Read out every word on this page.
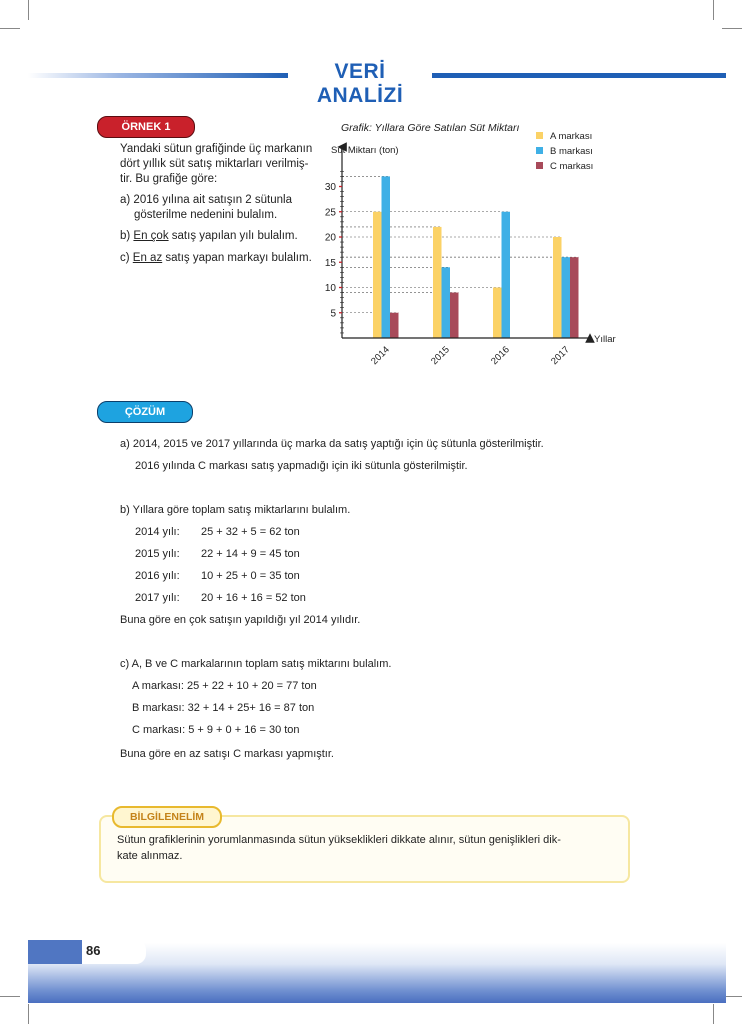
VERİ ANALİZİ
ÖRNEK 1
Yandaki sütun grafiğinde üç markanın
dört yıllık süt satış miktarları verilmiş-
tir. Bu grafiğe göre:
a) 2016 yılına ait satışın 2 sütunla
gösterilme nedenini bulalım.
b) En çok satış yapılan yılı bulalım.
c) En az satış yapan markayı bulalım.
Grafik: Yıllara Göre Satılan Süt Miktarı
Süt Miktarı (ton)
Yıllar
5
10
15
20
25
30
2014	2015	2016	2017
A markası
B markası
C markası
ÇÖZÜM
a) 2014, 2015 ve 2017 yıllarında üç marka da satış yaptığı için üç sütunla gösterilmiştir.
2016 yılında C markası satış yapmadığı için iki sütunla gösterilmiştir.
b) Yıllara göre toplam satış miktarlarını bulalım.
2014 yılı: 25 + 32 + 5 = 62 ton
2015 yılı: 22 + 14 + 9 = 45 ton
2016 yılı: 10 + 25 + 0 = 35 ton
2017 yılı: 20 + 16 + 16 = 52 ton
Buna göre en çok satışın yapıldığı yıl 2014 yılıdır.
c) A, B ve C markalarının toplam satış miktarını bulalım.
A markası: 25 + 22 + 10 + 20 = 77 ton
B markası: 32 + 14 + 25+ 16 = 87 ton
C markası: 5 + 9 + 0 + 16 = 30 ton
Buna göre en az satışı C markası yapmıştır.
BİLGİLENELİM
Sütun grafiklerinin yorumlanmasında sütun yükseklikleri dikkate alınır, sütun genişlikleri dik-
kate alınmaz.
86
